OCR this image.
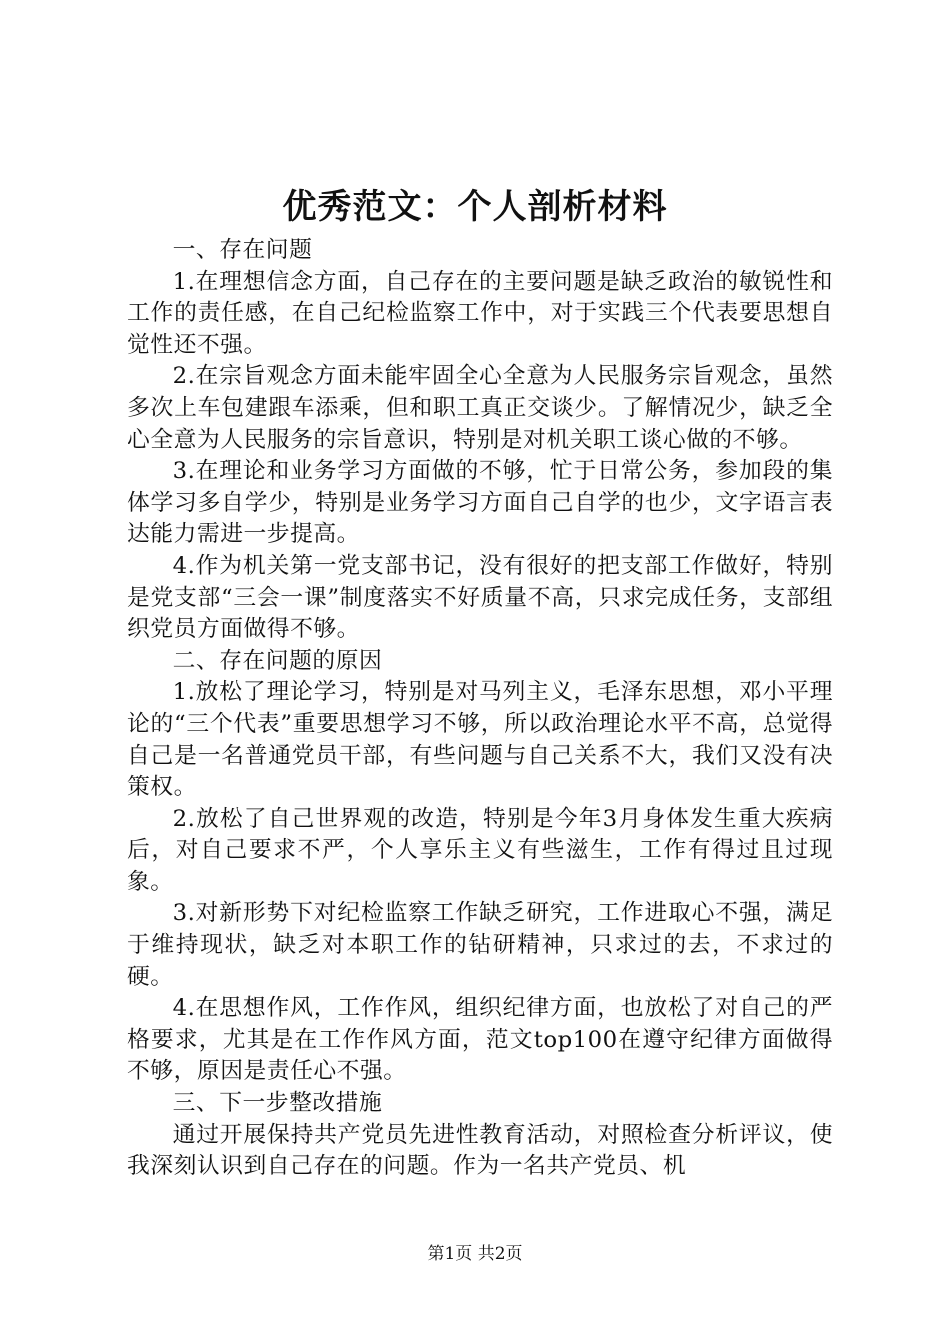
优秀范文：个人剖析材料

一、存在问题

1.在理想信念方面，自己存在的主要问题是缺乏政治的敏锐性和工作的责任感，在自己纪检监察工作中，对于实践三个代表要思想自觉性还不强。

2.在宗旨观念方面未能牢固全心全意为人民服务宗旨观念，虽然多次上车包建跟车添乘，但和职工真正交谈少。了解情况少，缺乏全心全意为人民服务的宗旨意识，特别是对机关职工谈心做的不够。

3.在理论和业务学习方面做的不够，忙于日常公务，参加段的集体学习多自学少，特别是业务学习方面自己自学的也少，文字语言表达能力需进一步提高。

4.作为机关第一党支部书记，没有很好的把支部工作做好，特别是党支部“三会一课”制度落实不好质量不高，只求完成任务，支部组织党员方面做得不够。

二、存在问题的原因

1.放松了理论学习，特别是对马列主义，毛泽东思想，邓小平理论的“三个代表”重要思想学习不够，所以政治理论水平不高，总觉得自己是一名普通党员干部，有些问题与自己关系不大，我们又没有决策权。

2.放松了自己世界观的改造，特别是今年3月身体发生重大疾病后，对自己要求不严，个人享乐主义有些滋生，工作有得过且过现象。

3.对新形势下对纪检监察工作缺乏研究，工作进取心不强，满足于维持现状，缺乏对本职工作的钻研精神，只求过的去，不求过的硬。

4.在思想作风，工作作风，组织纪律方面，也放松了对自己的严格要求，尤其是在工作作风方面，范文top100在遵守纪律方面做得不够，原因是责任心不强。

三、下一步整改措施

通过开展保持共产党员先进性教育活动，对照检查分析评议，使我深刻认识到自己存在的问题。作为一名共产党员、机

第1页 共2页
